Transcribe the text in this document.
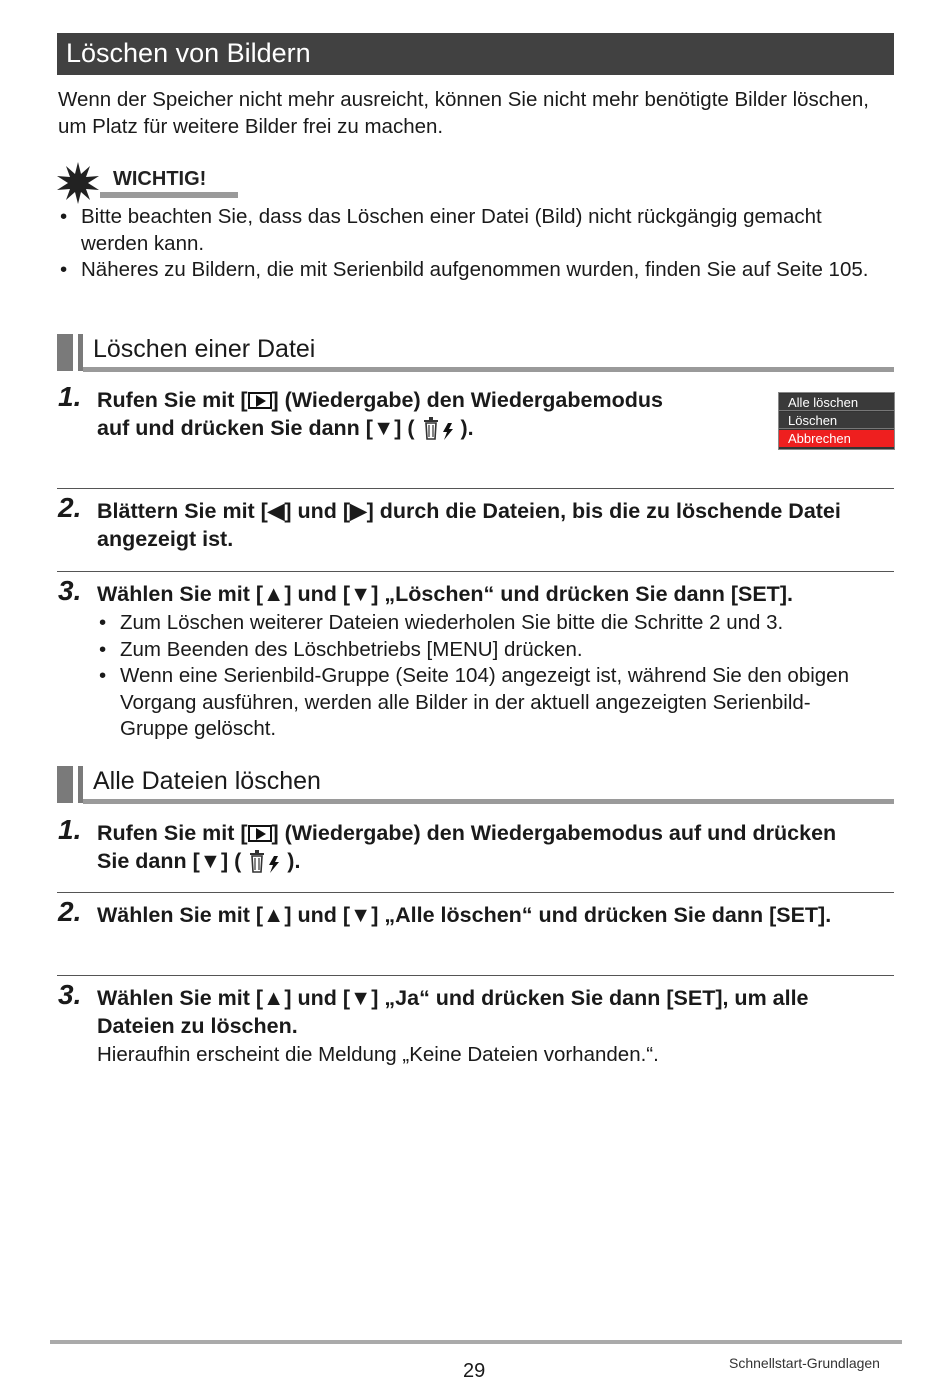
Löschen von Bildern
Wenn der Speicher nicht mehr ausreicht, können Sie nicht mehr benötigte Bilder löschen, um Platz für weitere Bilder frei zu machen.
WICHTIG!
• Bitte beachten Sie, dass das Löschen einer Datei (Bild) nicht rückgängig gemacht werden kann.
• Näheres zu Bildern, die mit Serienbild aufgenommen wurden, finden Sie auf Seite 105.
Löschen einer Datei
1. Rufen Sie mit [ ] (Wiedergabe) den Wiedergabemodus auf und drücken Sie dann [▼] ( ).
Alle löschen
Löschen
Abbrechen
2. Blättern Sie mit [◀] und [▶] durch die Dateien, bis die zu löschende Datei angezeigt ist.
3. Wählen Sie mit [▲] und [▼] „Löschen“ und drücken Sie dann [SET].
• Zum Löschen weiterer Dateien wiederholen Sie bitte die Schritte 2 und 3.
• Zum Beenden des Löschbetriebs [MENU] drücken.
• Wenn eine Serienbild-Gruppe (Seite 104) angezeigt ist, während Sie den obigen Vorgang ausführen, werden alle Bilder in der aktuell angezeigten Serienbild-Gruppe gelöscht.
Alle Dateien löschen
1. Rufen Sie mit [ ] (Wiedergabe) den Wiedergabemodus auf und drücken Sie dann [▼] ( ).
2. Wählen Sie mit [▲] und [▼] „Alle löschen“ und drücken Sie dann [SET].
3. Wählen Sie mit [▲] und [▼] „Ja“ und drücken Sie dann [SET], um alle Dateien zu löschen.
Hieraufhin erscheint die Meldung „Keine Dateien vorhanden.“.
29	Schnellstart-Grundlagen
